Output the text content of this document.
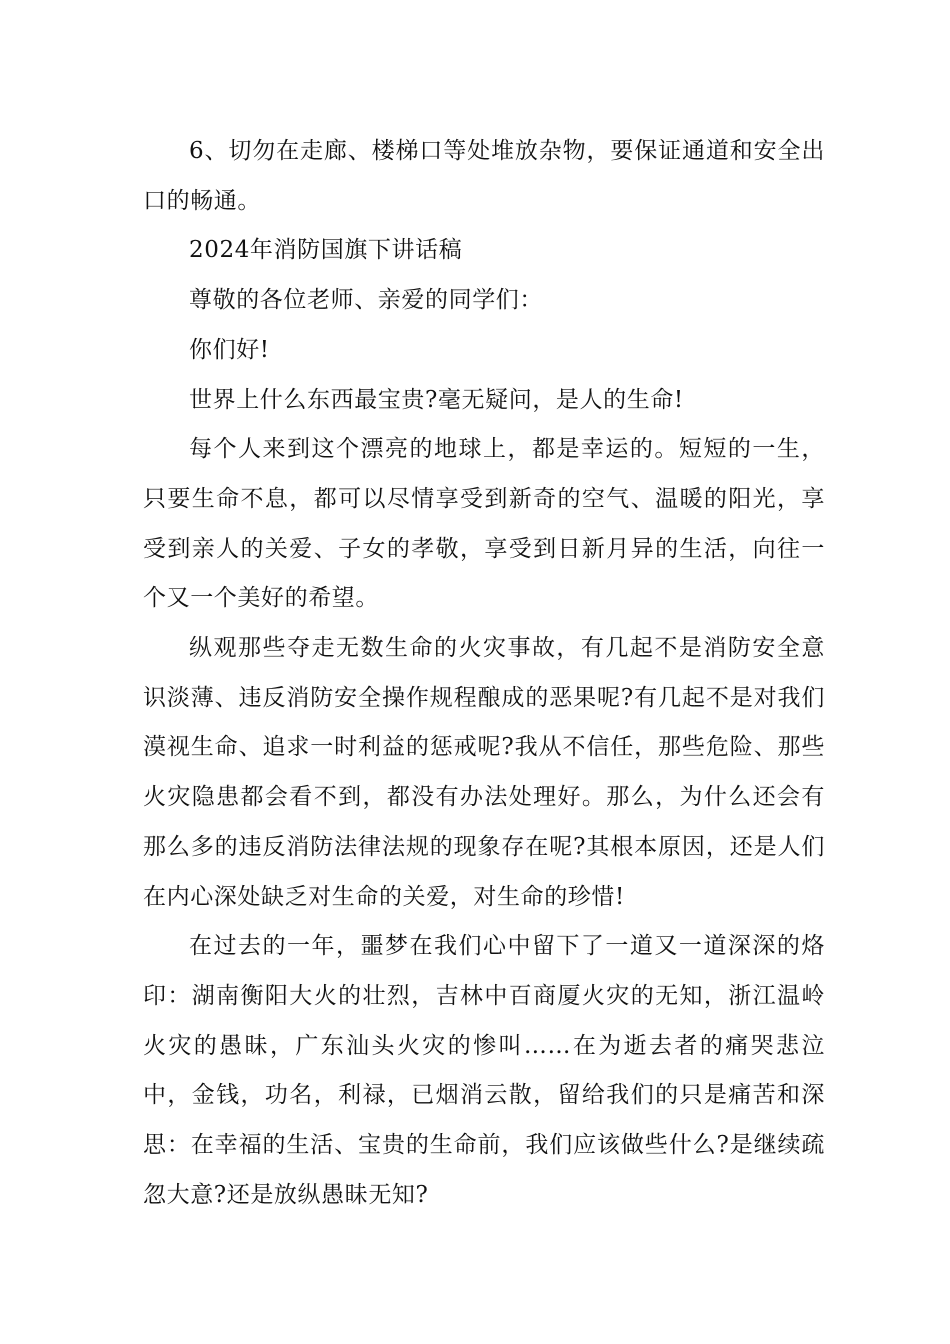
6、切勿在走廊、楼梯口等处堆放杂物，要保证通道和安全出口的畅通。

2024年消防国旗下讲话稿

尊敬的各位老师、亲爱的同学们：

你们好!

世界上什么东西最宝贵?毫无疑问，是人的生命!

每个人来到这个漂亮的地球上，都是幸运的。短短的一生，只要生命不息，都可以尽情享受到新奇的空气、温暖的阳光，享受到亲人的关爱、子女的孝敬，享受到日新月异的生活，向往一个又一个美好的希望。

纵观那些夺走无数生命的火灾事故，有几起不是消防安全意识淡薄、违反消防安全操作规程酿成的恶果呢?有几起不是对我们漠视生命、追求一时利益的惩戒呢?我从不信任，那些危险、那些火灾隐患都会看不到，都没有办法处理好。那么，为什么还会有那么多的违反消防法律法规的现象存在呢?其根本原因，还是人们在内心深处缺乏对生命的关爱，对生命的珍惜!

在过去的一年，噩梦在我们心中留下了一道又一道深深的烙印：湖南衡阳大火的壮烈，吉林中百商厦火灾的无知，浙江温岭火灾的愚昧，广东汕头火灾的惨叫……在为逝去者的痛哭悲泣中，金钱，功名，利禄，已烟消云散，留给我们的只是痛苦和深思：在幸福的生活、宝贵的生命前，我们应该做些什么?是继续疏忽大意?还是放纵愚昧无知?
